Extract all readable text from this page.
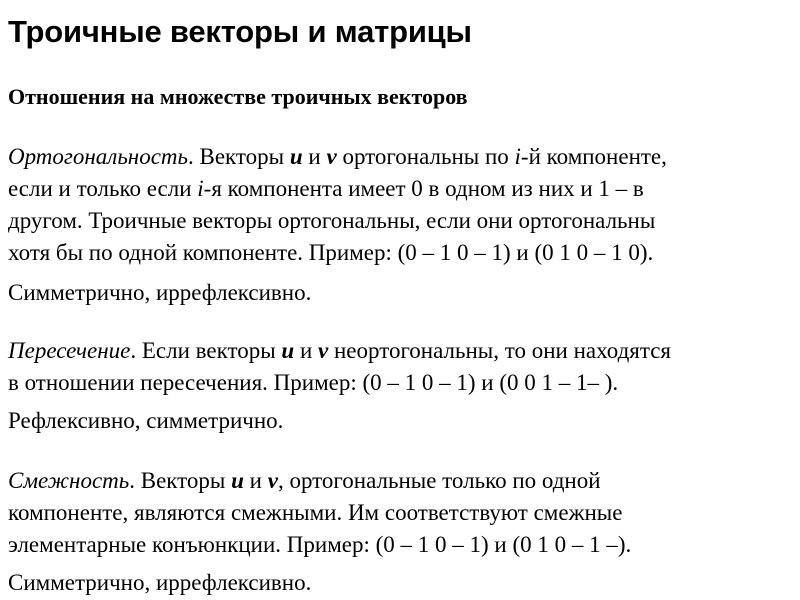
Троичные векторы и матрицы
Отношения на множестве троичных векторов

Ортогональность. Векторы u и v ортогональны по i-й компоненте,
если и только если i-я компонента имеет 0 в одном из них и 1 – в
другом. Троичные векторы ортогональны, если они ортогональны
хотя бы по одной компоненте. Пример: (0 – 1 0 – 1) и (0 1 0 – 1 0).

Симметрично, иррефлексивно.

Пересечение. Если векторы u и v неортогональны, то они находятся
в отношении пересечения. Пример: (0 – 1 0 – 1) и (0 0 1 – 1– ).

Рефлексивно, симметрично.

Смежность. Векторы u и v, ортогональные только по одной
компоненте, являются смежными. Им соответствуют смежные
элементарные конъюнкции. Пример: (0 – 1 0 – 1) и (0 1 0 – 1 –).

Симметрично, иррефлексивно.
